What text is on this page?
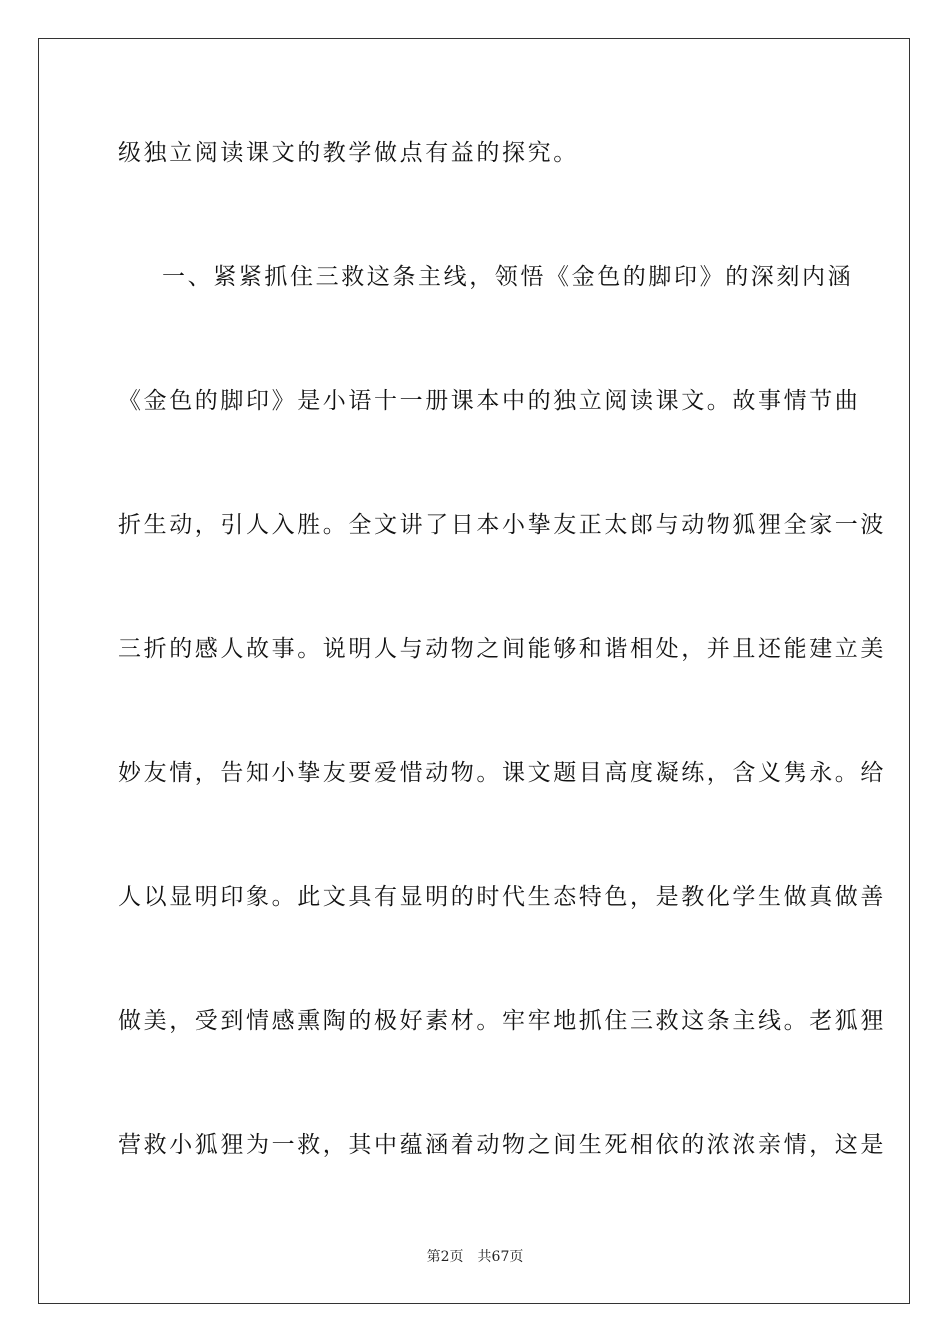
级独立阅读课文的教学做点有益的探究。
一、紧紧抓住三救这条主线，领悟《金色的脚印》的深刻内涵
《金色的脚印》是小语十一册课本中的独立阅读课文。故事情节曲
折生动，引人入胜。全文讲了日本小挚友正太郎与动物狐狸全家一波
三折的感人故事。说明人与动物之间能够和谐相处，并且还能建立美
妙友情，告知小挚友要爱惜动物。课文题目高度凝练，含义隽永。给
人以显明印象。此文具有显明的时代生态特色，是教化学生做真做善
做美，受到情感熏陶的极好素材。牢牢地抓住三救这条主线。老狐狸
营救小狐狸为一救，其中蕴涵着动物之间生死相依的浓浓亲情，这是
第2页 共67页
